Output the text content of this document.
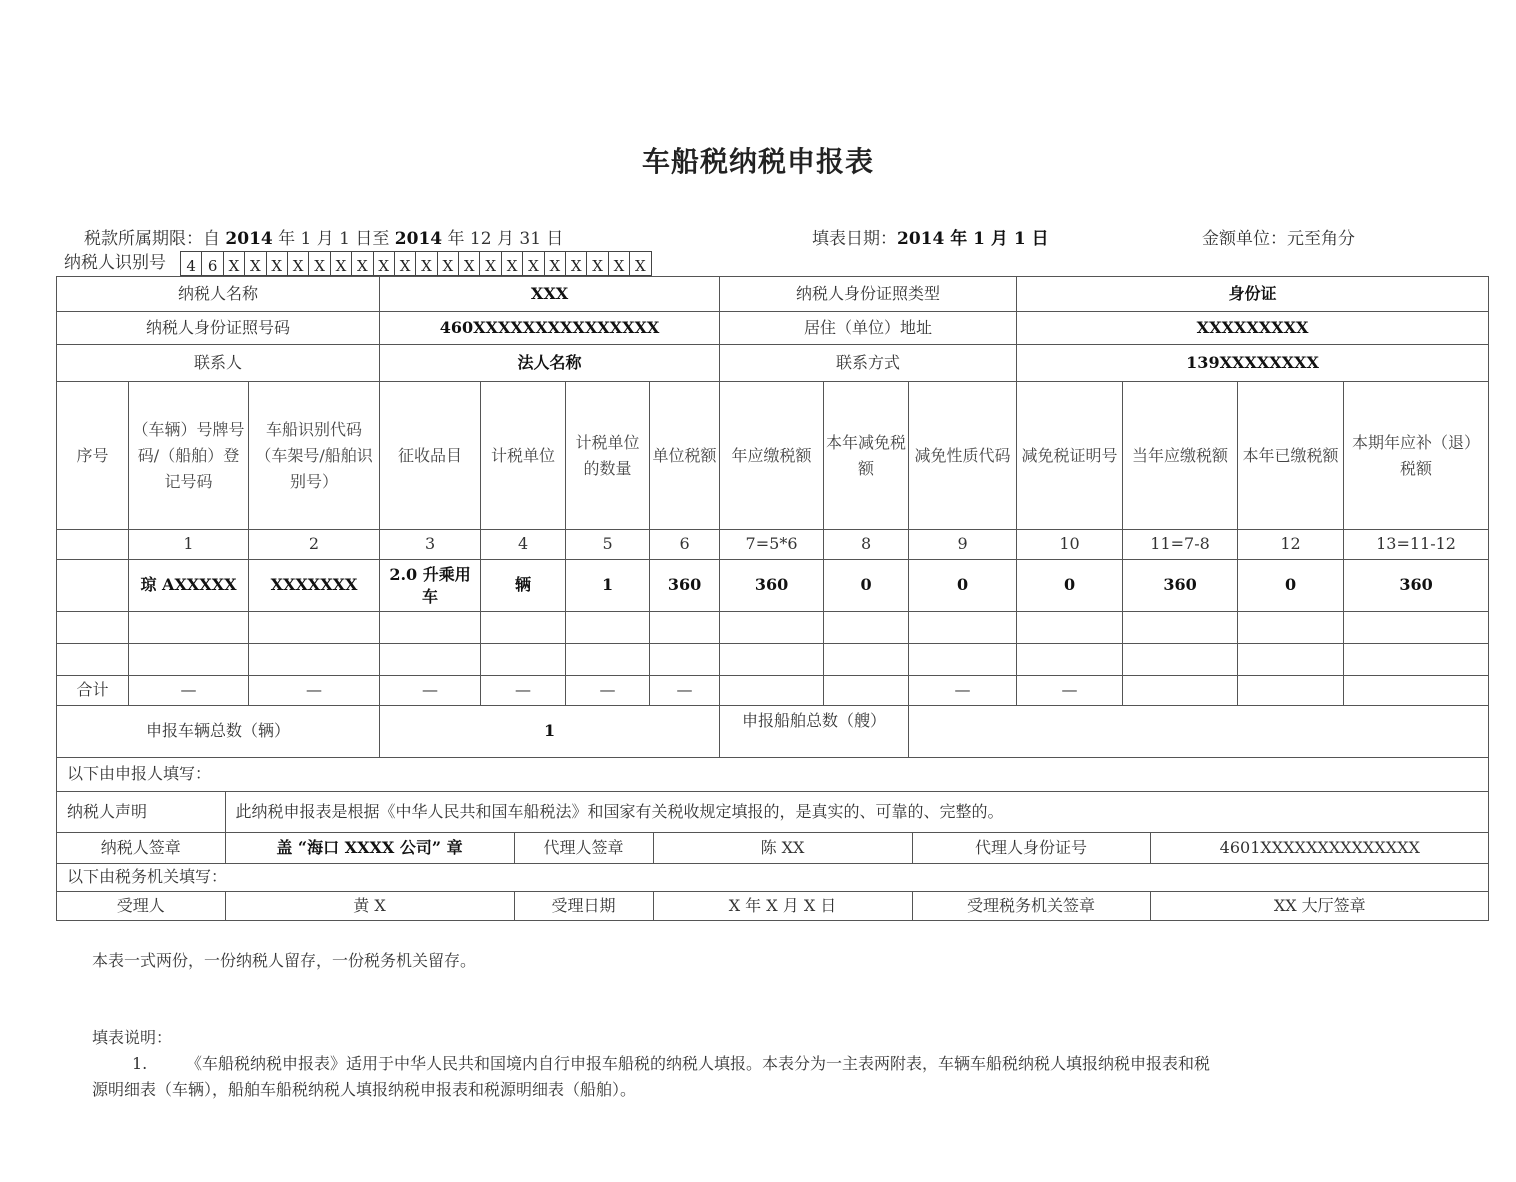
车船税纳税申报表
税款所属期限：自 2014 年 1 月 1 日至 2014 年 12 月 31 日	填表日期：2014 年 1 月 1 日	金额单位：元至角分
纳税人识别号	4 6 X X X X X X X X X X X X X X X X X X X X
纳税人名称	XXX	纳税人身份证照类型	身份证
纳税人身份证照号码	460XXXXXXXXXXXXXXX	居住（单位）地址	XXXXXXXXX
联系人	法人名称	联系方式	139XXXXXXXX
序号	（车辆）号牌号码/（船舶）登记号码	车船识别代码（车架号/船舶识别号）	征收品目	计税单位	计税单位的数量	单位税额	年应缴税额	本年减免税额	减免性质代码	减免税证明号	当年应缴税额	本年已缴税额	本期年应补（退）税额
	1	2	3	4	5	6	7=5*6	8	9	10	11=7-8	12	13=11-12
	琼 AXXXXX	XXXXXXX	2.0 升乘用车	辆	1	360	360	0	0	0	360	0	360

合计	—	—	—	—	—	—			—	—			
申报车辆总数（辆）	1	申报船舶总数（艘）	
以下由申报人填写：

纳税人声明	此纳税申报表是根据《中华人民共和国车船税法》和国家有关税收规定填报的，是真实的、可靠的、完整的。

纳税人签章	盖 “海口 XXXX 公司” 章	代理人签章	陈 XX	代理人身份证号	4601XXXXXXXXXXXXXX

以下由税务机关填写：

受理人	黄 X	受理日期	X 年 X 月 X 日	受理税务机关签章	XX 大厅签章
本表一式两份，一份纳税人留存，一份税务机关留存。
填表说明：
1. 《车船税纳税申报表》适用于中华人民共和国境内自行申报车船税的纳税人填报。本表分为一主表两附表，车辆车船税纳税人填报纳税申报表和税
源明细表（车辆），船舶车船税纳税人填报纳税申报表和税源明细表（船舶）。
